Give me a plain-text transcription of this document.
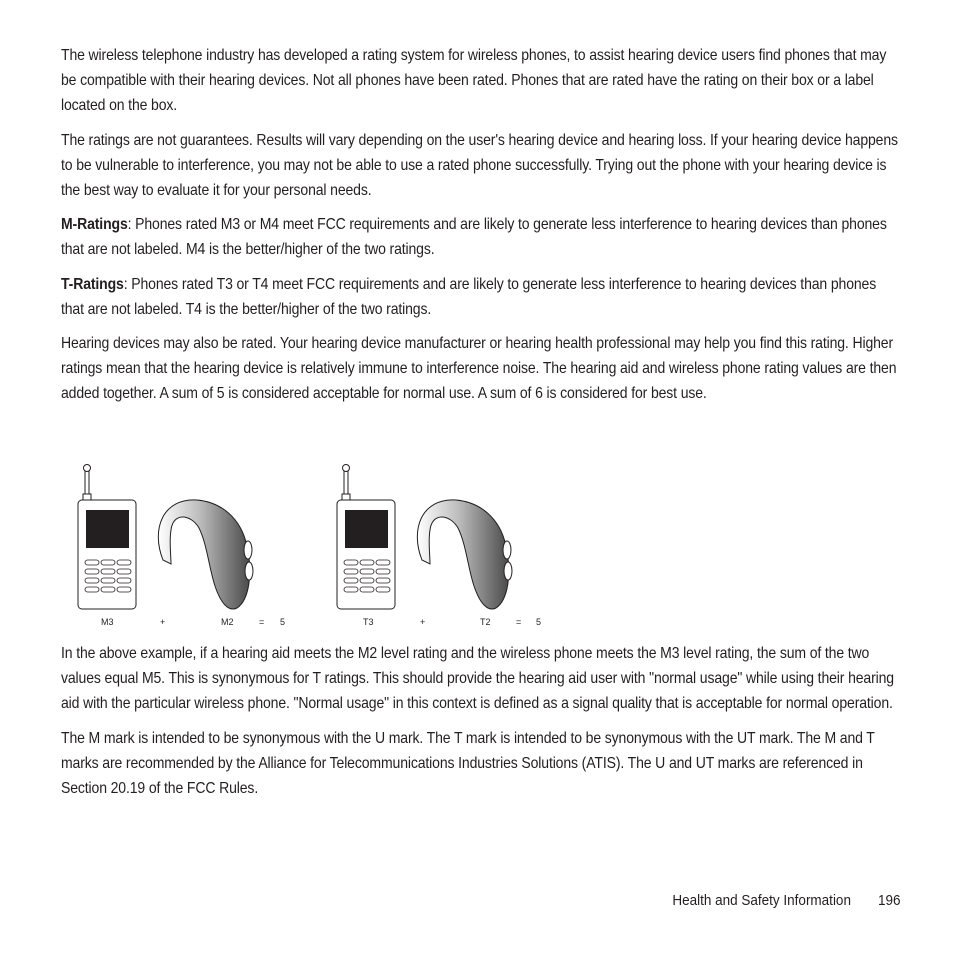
The wireless telephone industry has developed a rating system for wireless phones, to assist hearing device users find phones that may be compatible with their hearing devices. Not all phones have been rated. Phones that are rated have the rating on their box or a label located on the box.

The ratings are not guarantees. Results will vary depending on the user's hearing device and hearing loss. If your hearing device happens to be vulnerable to interference, you may not be able to use a rated phone successfully. Trying out the phone with your hearing device is the best way to evaluate it for your personal needs.

M-Ratings: Phones rated M3 or M4 meet FCC requirements and are likely to generate less interference to hearing devices than phones that are not labeled. M4 is the better/higher of the two ratings.

T-Ratings: Phones rated T3 or T4 meet FCC requirements and are likely to generate less interference to hearing devices than phones that are not labeled. T4 is the better/higher of the two ratings.

Hearing devices may also be rated. Your hearing device manufacturer or hearing health professional may help you find this rating. Higher ratings mean that the hearing device is relatively immune to interference noise. The hearing aid and wireless phone rating values are then added together. A sum of 5 is considered acceptable for normal use. A sum of 6 is considered for best use.

M3	+	M2	= 5	T3	+	T2	= 5

In the above example, if a hearing aid meets the M2 level rating and the wireless phone meets the M3 level rating, the sum of the two values equal M5. This is synonymous for T ratings. This should provide the hearing aid user with "normal usage" while using their hearing aid with the particular wireless phone. "Normal usage" in this context is defined as a signal quality that is acceptable for normal operation.

The M mark is intended to be synonymous with the U mark. The T mark is intended to be synonymous with the UT mark. The M and T marks are recommended by the Alliance for Telecommunications Industries Solutions (ATIS). The U and UT marks are referenced in Section 20.19 of the FCC Rules.

Health and Safety Information 196
